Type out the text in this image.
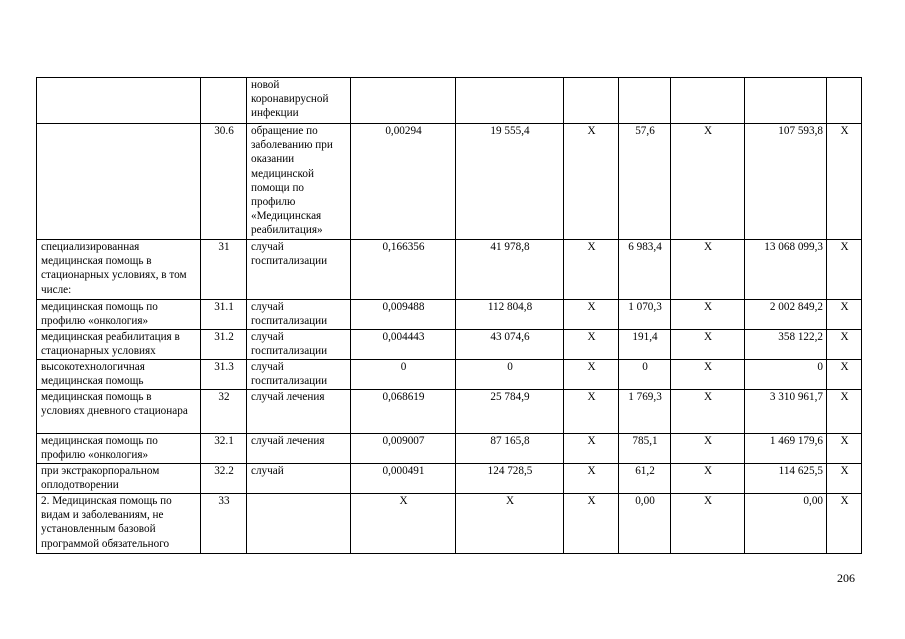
		новой коронавирусной инфекции							
	30.6	обращение по заболеванию при оказании медицинской помощи по профилю «Медицинская реабилитация»	0,00294	19 555,4	Х	57,6	Х	107 593,8	Х
специализированная медицинская помощь в стационарных условиях, в том числе:	31	случай госпитализации	0,166356	41 978,8	Х	6 983,4	Х	13 068 099,3	Х
медицинская помощь по профилю «онкология»	31.1	случай госпитализации	0,009488	112 804,8	Х	1 070,3	Х	2 002 849,2	Х
медицинская реабилитация в стационарных условиях	31.2	случай госпитализации	0,004443	43 074,6	Х	191,4	Х	358 122,2	Х
высокотехнологичная медицинская помощь	31.3	случай госпитализации	0	0	Х	0	Х	0	Х
медицинская помощь в условиях дневного стационара	32	случай лечения	0,068619	25 784,9	Х	1 769,3	Х	3 310 961,7	Х
медицинская помощь по профилю «онкология»	32.1	случай лечения	0,009007	87 165,8	Х	785,1	Х	1 469 179,6	Х
при экстракорпоральном оплодотворении	32.2	случай	0,000491	124 728,5	Х	61,2	Х	114 625,5	Х
2. Медицинская помощь по видам и заболеваниям, не установленным базовой программой обязательного	33		Х	Х	Х	0,00	Х	0,00	Х
206
